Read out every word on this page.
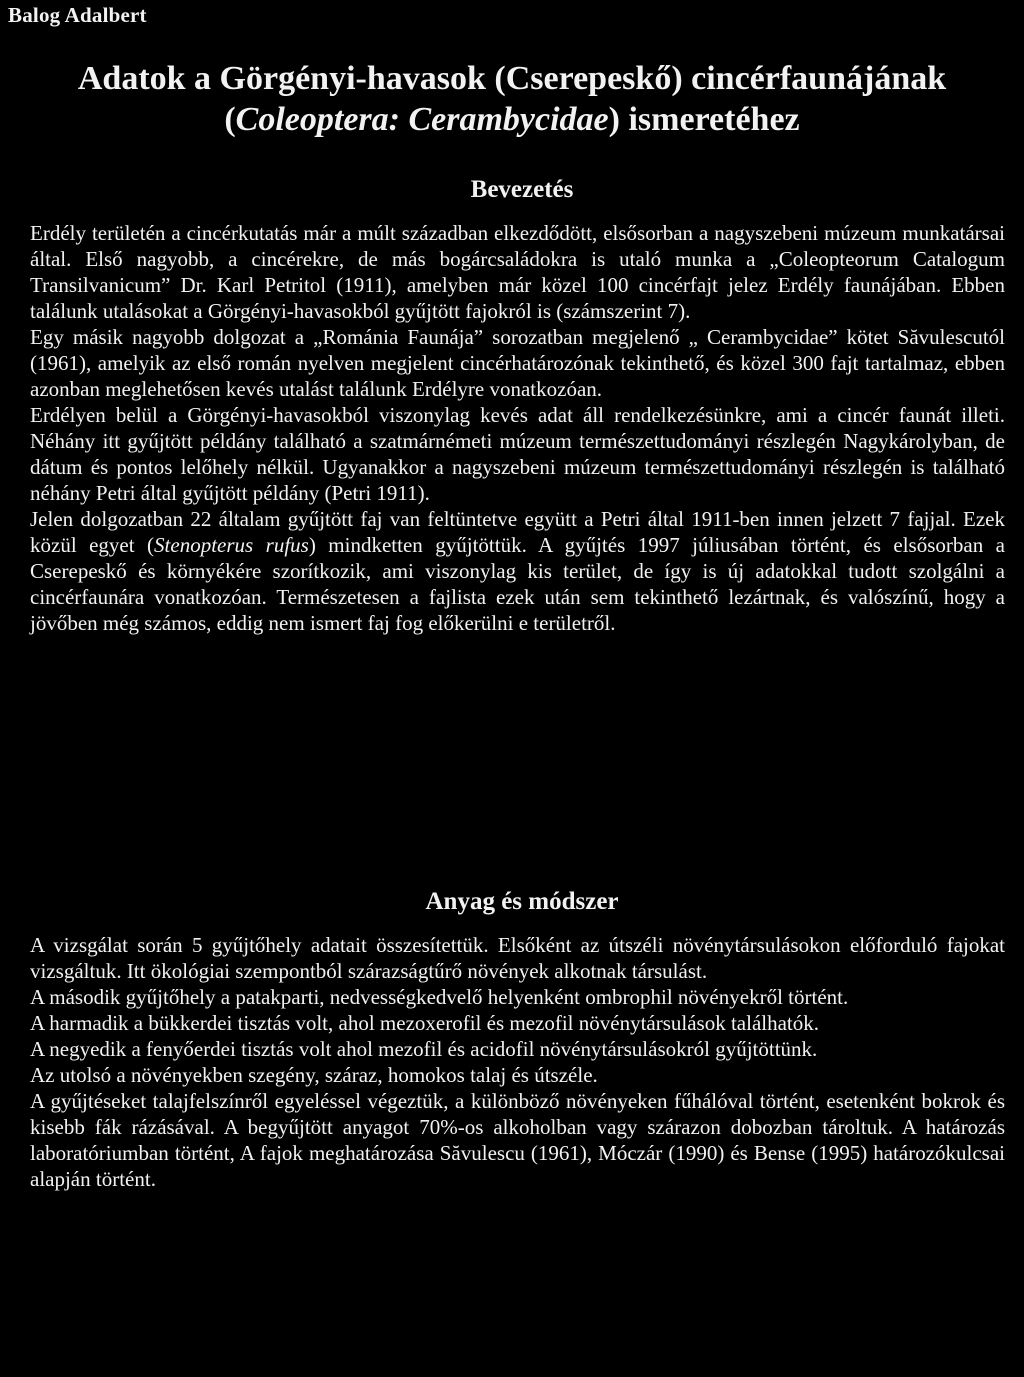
Balog Adalbert
Adatok a Görgényi-havasok (Cserepeskő) cincérfaunájának
(Coleoptera: Cerambycidae) ismeretéhez
Bevezetés

Erdély területén a cincérkutatás már a múlt században elkezdődött, elsősorban a nagyszebeni múzeum munkatársai által. Első nagyobb, a cincérekre, de más bogárcsaládokra is utaló munka a „Coleopteorum Catalogum Transilvanicum” Dr. Karl Petritol (1911), amelyben már közel 100 cincérfajt jelez Erdély faunájában. Ebben találunk utalásokat a Görgényi-havasokból gyűjtött fajokról is (számszerint 7).

Egy másik nagyobb dolgozat a „Románia Faunája” sorozatban megjelenő „ Cerambycidae” kötet Săvulescutól (1961), amelyik az első román nyelven megjelent cincérhatározónak tekinthető, és közel 300 fajt tartalmaz, ebben azonban meglehetősen kevés utalást találunk Erdélyre vonatkozóan.

Erdélyen belül a Görgényi-havasokból viszonylag kevés adat áll rendelkezésünkre, ami a cincér faunát illeti. Néhány itt gyűjtött példány található a szatmárnémeti múzeum természettudományi részlegén Nagykárolyban, de dátum és pontos lelőhely nélkül. Ugyanakkor a nagyszebeni múzeum természettudományi részlegén is található néhány Petri által gyűjtött példány (Petri 1911).

Jelen dolgozatban 22 általam gyűjtött faj van feltüntetve együtt a Petri által 1911-ben innen jelzett 7 fajjal. Ezek közül egyet (Stenopterus rufus) mindketten gyűjtöttük. A gyűjtés 1997 júliusában történt, és elsősorban a Cserepeskő és környékére szorítkozik, ami viszonylag kis terület, de így is új adatokkal tudott szolgálni a cincérfaunára vonatkozóan. Természetesen a fajlista ezek után sem tekinthető lezártnak, és valószínű, hogy a jövőben még számos, eddig nem ismert faj fog előkerülni e területről.

Anyag és módszer

A vizsgálat során 5 gyűjtőhely adatait összesítettük. Elsőként az útszéli növénytársulásokon előforduló fajokat vizsgáltuk. Itt ökológiai szempontból szárazságtűrő növények alkotnak társulást.

A második gyűjtőhely a patakparti, nedvességkedvelő helyenként ombrophil növényekről történt.

A harmadik a bükkerdei tisztás volt, ahol mezoxerofil és mezofil növénytársulások találhatók.

A negyedik a fenyőerdei tisztás volt ahol mezofil és acidofil növénytársulásokról gyűjtöttünk.

Az utolsó a növényekben szegény, száraz, homokos talaj és útszéle.

A gyűjtéseket talajfelszínről egyeléssel végeztük, a különböző növényeken fűhálóval történt, esetenként bokrok és kisebb fák rázásával. A begyűjtött anyagot 70%-os alkoholban vagy szárazon dobozban tároltuk. A határozás laboratóriumban történt, A fajok meghatározása Săvulescu (1961), Móczár (1990) és Bense (1995) határozókulcsai alapján történt.
